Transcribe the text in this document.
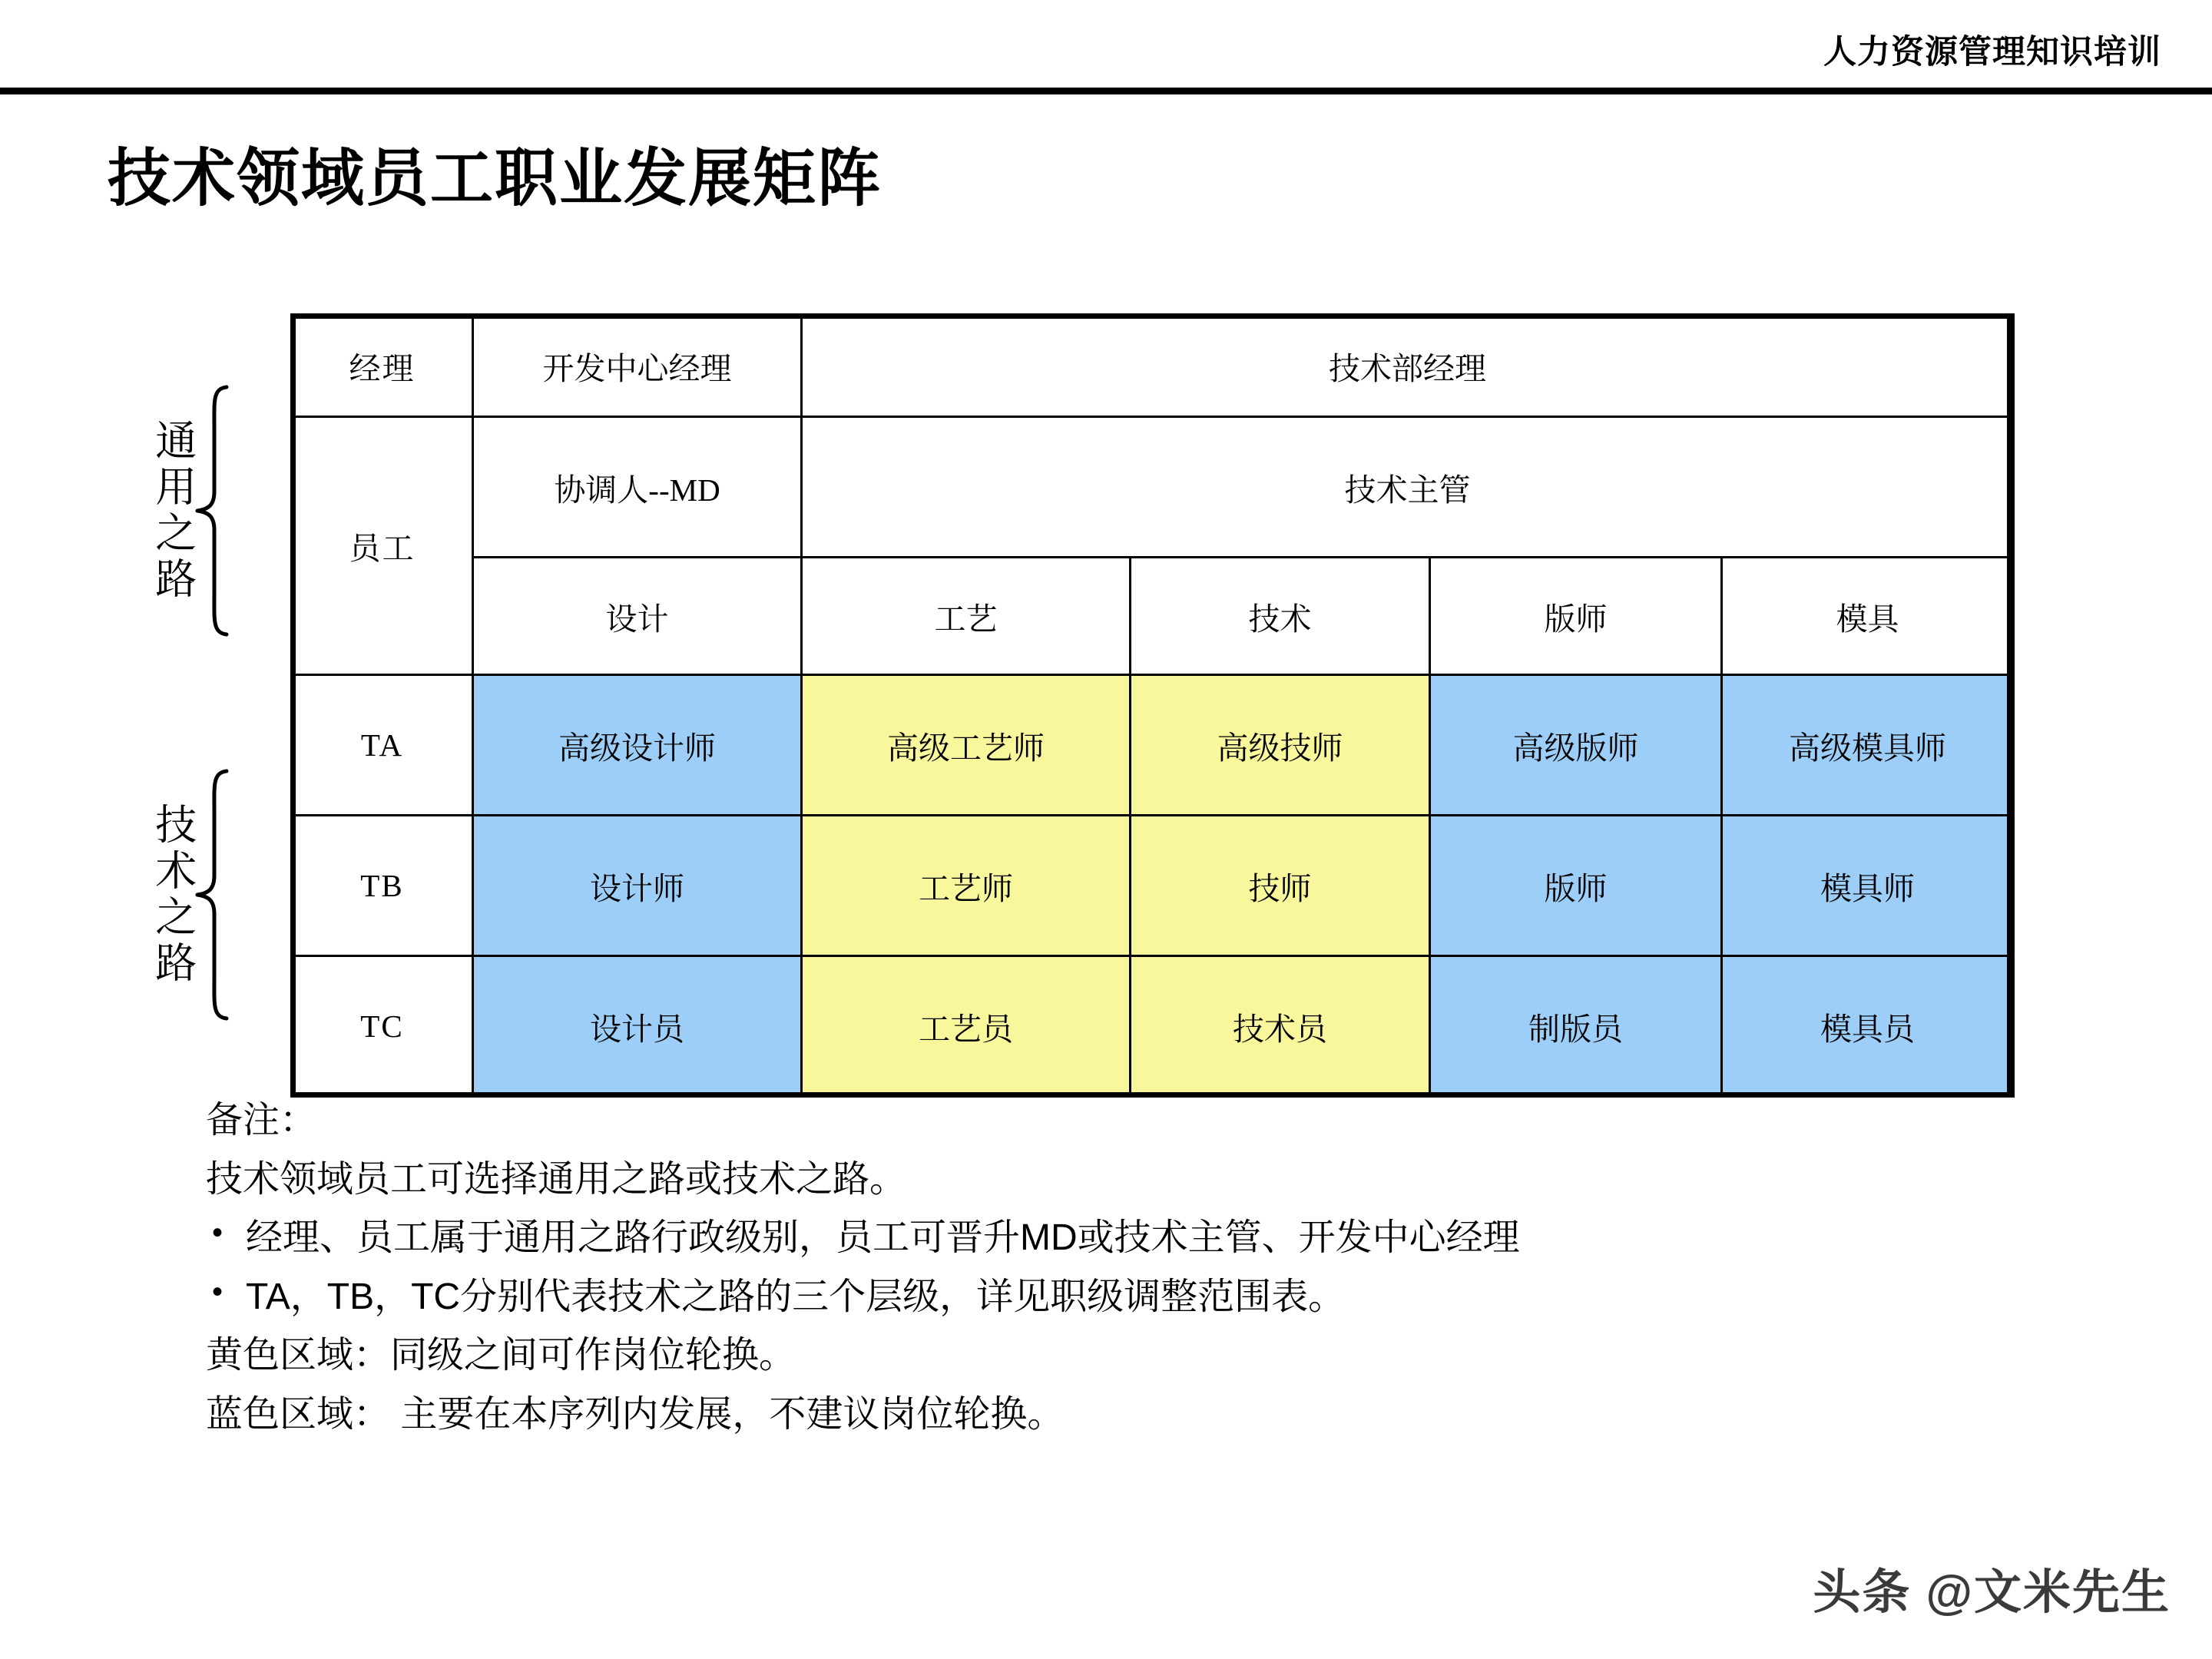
人力资源管理知识培训
技术领域员工职业发展矩阵
通用之路
技术之路
经理	开发中心经理	技术部经理			
员工	协调人--MD	技术主管			
	设计	工艺	技术	版师	模具
TA	高级设计师	高级工艺师	高级技师	高级版师	高级模具师
TB	设计师	工艺师	技师	版师	模具师
TC	设计员	工艺员	技术员	制版员	模具员

备注：

技术领域员工可选择通用之路或技术之路。

• 经理、员工属于通用之路行政级别，员工可晋升MD或技术主管、开发中心经理

• TA，TB，TC分别代表技术之路的三个层级，详见职级调整范围表。

黄色区域：同级之间可作岗位轮换。

蓝色区域： 主要在本序列内发展，不建议岗位轮换。

头条 @文米先生
